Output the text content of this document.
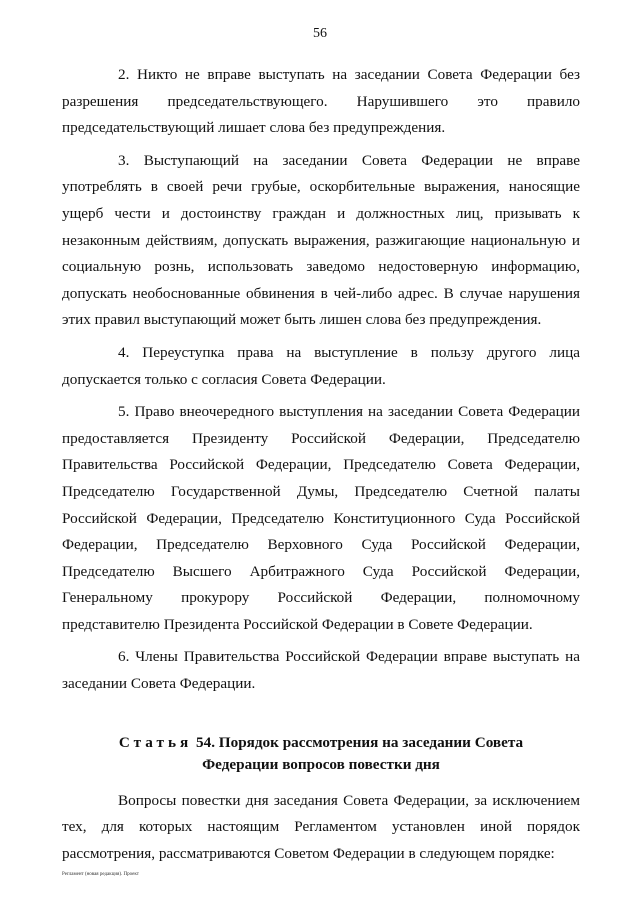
56

2. Никто не вправе выступать на заседании Совета Федерации без разрешения председательствующего. Нарушившего это правило председательствующий лишает слова без предупреждения.

3. Выступающий на заседании Совета Федерации не вправе употреблять в своей речи грубые, оскорбительные выражения, наносящие ущерб чести и достоинству граждан и должностных лиц, призывать к незаконным действиям, допускать выражения, разжигающие национальную и социальную рознь, использовать заведомо недостоверную информацию, допускать необоснованные обвинения в чей-либо адрес. В случае нарушения этих правил выступающий может быть лишен слова без предупреждения.

4. Переуступка права на выступление в пользу другого лица допускается только с согласия Совета Федерации.

5. Право внеочередного выступления на заседании Совета Федерации предоставляется Президенту Российской Федерации, Председателю Правительства Российской Федерации, Председателю Совета Федерации, Председателю Государственной Думы, Председателю Счетной палаты Российской Федерации, Председателю Конституционного Суда Российской Федерации, Председателю Верховного Суда Российской Федерации, Председателю Высшего Арбитражного Суда Российской Федерации, Генеральному прокурору Российской Федерации, полномочному представителю Президента Российской Федерации в Совете Федерации.

6. Члены Правительства Российской Федерации вправе выступать на заседании Совета Федерации.

Статья 54. Порядок рассмотрения на заседании Совета
Федерации вопросов повестки дня

Вопросы повестки дня заседания Совета Федерации, за исключением тех, для которых настоящим Регламентом установлен иной порядок рассмотрения, рассматриваются Советом Федерации в следующем порядке:

Регламент (новая редакция). Проект
